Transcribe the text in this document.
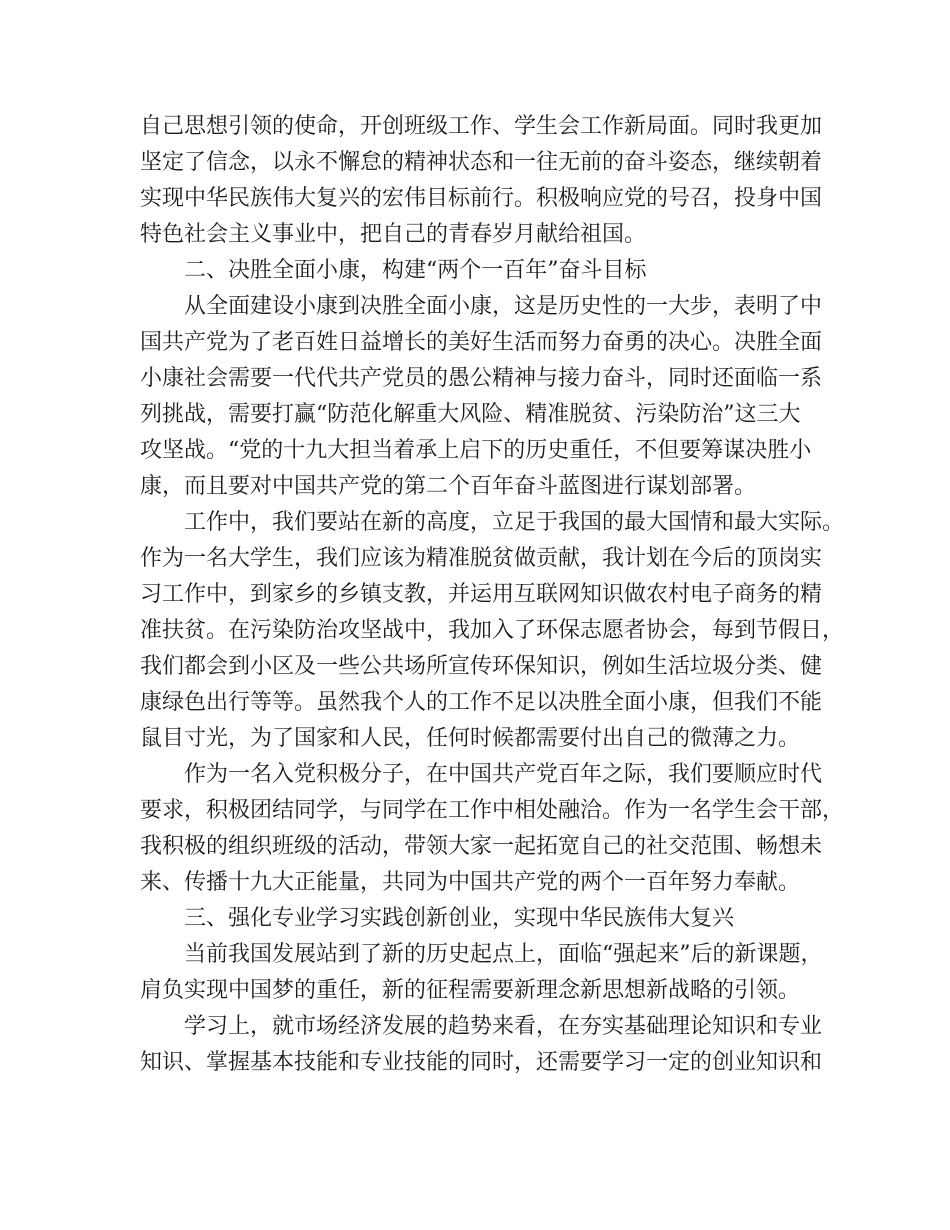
自己思想引领的使命，开创班级工作、学生会工作新局面。同时我更加
坚定了信念，以永不懈怠的精神状态和一往无前的奋斗姿态，继续朝着
实现中华民族伟大复兴的宏伟目标前行。积极响应党的号召，投身中国
特色社会主义事业中，把自己的青春岁月献给祖国。
二、决胜全面小康，构建“两个一百年”奋斗目标
从全面建设小康到决胜全面小康，这是历史性的一大步，表明了中
国共产党为了老百姓日益增长的美好生活而努力奋勇的决心。决胜全面
小康社会需要一代代共产党员的愚公精神与接力奋斗，同时还面临一系
列挑战，需要打赢“防范化解重大风险、精准脱贫、污染防治”这三大
攻坚战。“党的十九大担当着承上启下的历史重任，不但要筹谋决胜小
康，而且要对中国共产党的第二个百年奋斗蓝图进行谋划部署。
工作中，我们要站在新的高度，立足于我国的最大国情和最大实际。
作为一名大学生，我们应该为精准脱贫做贡献，我计划在今后的顶岗实
习工作中，到家乡的乡镇支教，并运用互联网知识做农村电子商务的精
准扶贫。在污染防治攻坚战中，我加入了环保志愿者协会，每到节假日，
我们都会到小区及一些公共场所宣传环保知识，例如生活垃圾分类、健
康绿色出行等等。虽然我个人的工作不足以决胜全面小康，但我们不能
鼠目寸光，为了国家和人民，任何时候都需要付出自己的微薄之力。
作为一名入党积极分子，在中国共产党百年之际，我们要顺应时代
要求，积极团结同学，与同学在工作中相处融洽。作为一名学生会干部，
我积极的组织班级的活动，带领大家一起拓宽自己的社交范围、畅想未
来、传播十九大正能量，共同为中国共产党的两个一百年努力奉献。
三、强化专业学习实践创新创业，实现中华民族伟大复兴
当前我国发展站到了新的历史起点上，面临“强起来”后的新课题，
肩负实现中国梦的重任，新的征程需要新理念新思想新战略的引领。
学习上，就市场经济发展的趋势来看，在夯实基础理论知识和专业
知识、掌握基本技能和专业技能的同时，还需要学习一定的创业知识和
